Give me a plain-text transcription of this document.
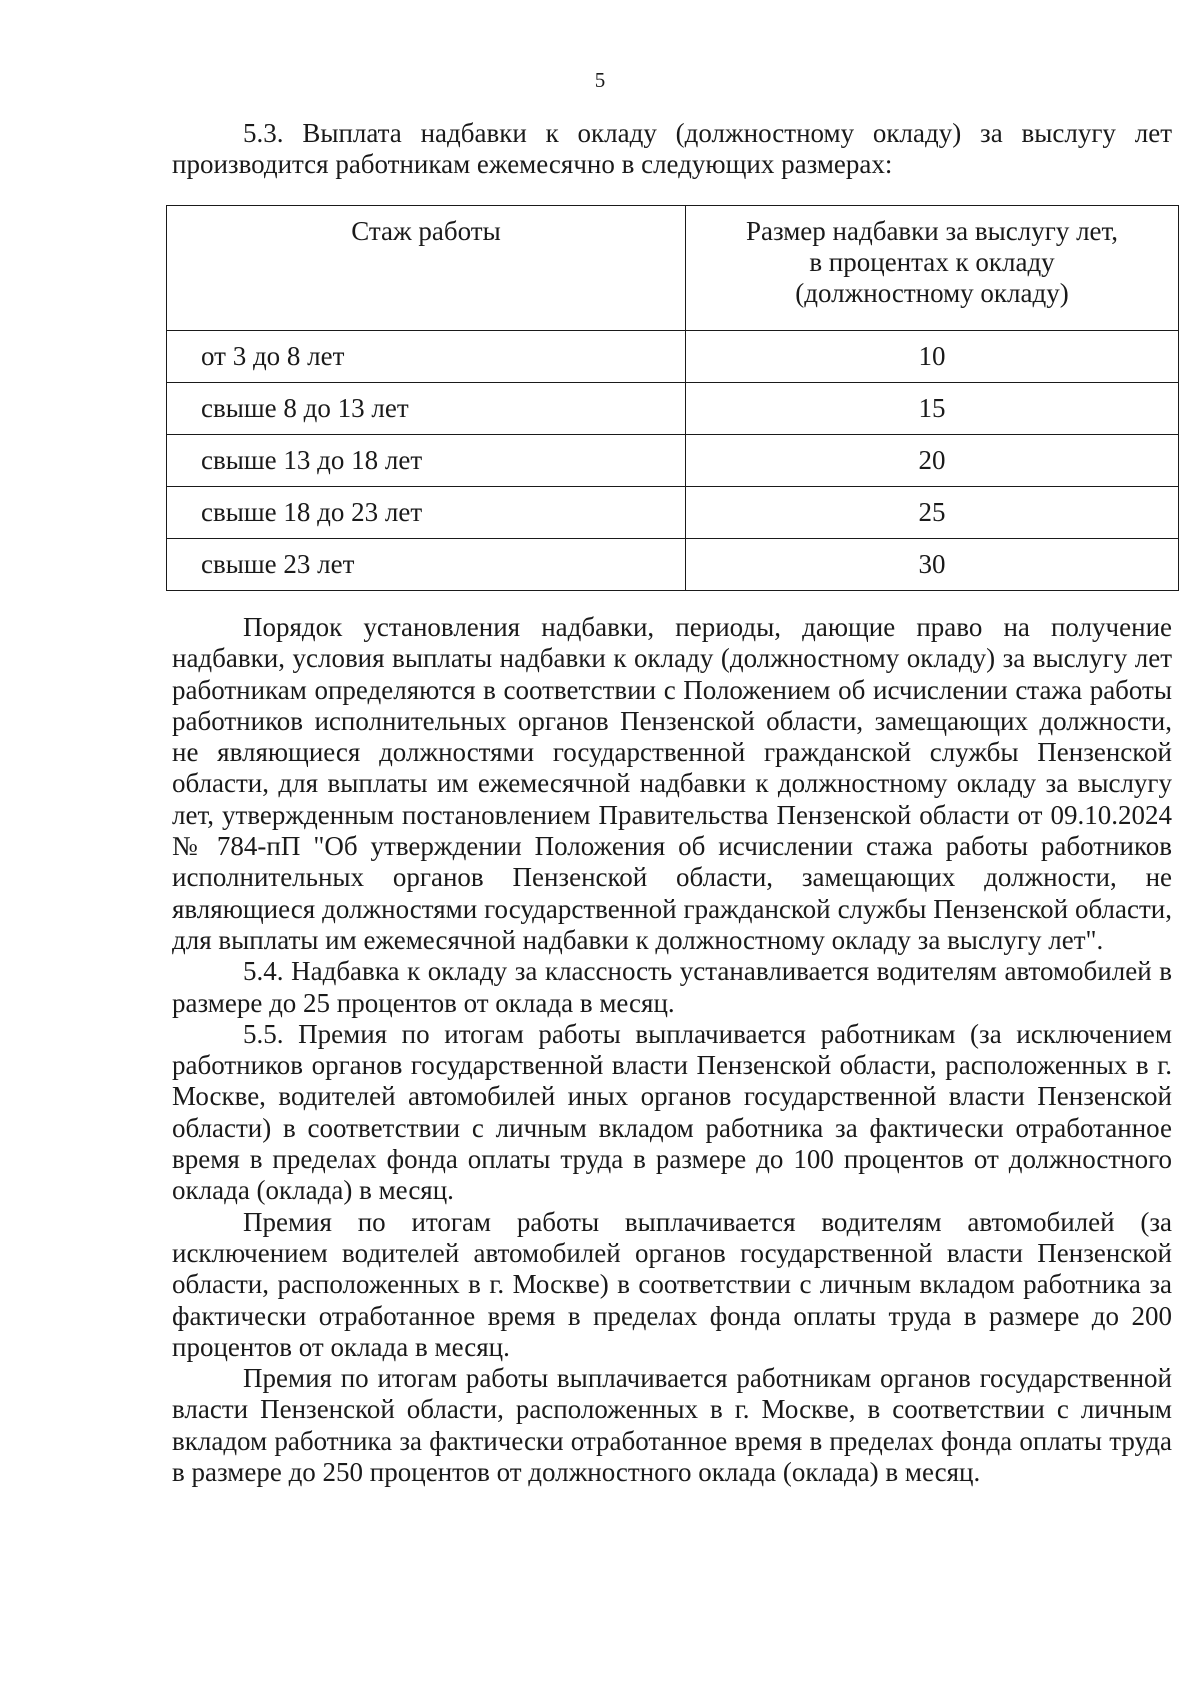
5

5.3. Выплата надбавки к окладу (должностному окладу) за выслугу лет производится работникам ежемесячно в следующих размерах:

Стаж работы	Размер надбавки за выслугу лет,
в процентах к окладу
(должностному окладу)
от 3 до 8 лет	10
свыше 8 до 13 лет	15
свыше 13 до 18 лет	20
свыше 18 до 23 лет	25
свыше 23 лет	30

Порядок установления надбавки, периоды, дающие право на получение надбавки, условия выплаты надбавки к окладу (должностному окладу) за выслугу лет работникам определяются в соответствии с Положением об исчислении стажа работы работников исполнительных органов Пензенской области, замещающих должности, не являющиеся должностями государственной гражданской службы Пензенской области, для выплаты им ежемесячной надбавки к должностному окладу за выслугу лет, утвержденным постановлением Правительства Пензенской области от 09.10.2024 № 784-пП "Об утверждении Положения об исчислении стажа работы работников исполнительных органов Пензенской области, замещающих должности, не являющиеся должностями государственной гражданской службы Пензенской области, для выплаты им ежемесячной надбавки к должностному окладу за выслугу лет".

5.4. Надбавка к окладу за классность устанавливается водителям автомобилей в размере до 25 процентов от оклада в месяц.

5.5. Премия по итогам работы выплачивается работникам (за исключением работников органов государственной власти Пензенской области, расположенных в г. Москве, водителей автомобилей иных органов государственной власти Пензенской области) в соответствии с личным вкладом работника за фактически отработанное время в пределах фонда оплаты труда в размере до 100 процентов от должностного оклада (оклада) в месяц.

Премия по итогам работы выплачивается водителям автомобилей (за исключением водителей автомобилей органов государственной власти Пензенской области, расположенных в г. Москве) в соответствии с личным вкладом работника за фактически отработанное время в пределах фонда оплаты труда в размере до 200 процентов от оклада в месяц.

Премия по итогам работы выплачивается работникам органов государственной власти Пензенской области, расположенных в г. Москве, в соответствии с личным вкладом работника за фактически отработанное время в пределах фонда оплаты труда в размере до 250 процентов от должностного оклада (оклада) в месяц.
